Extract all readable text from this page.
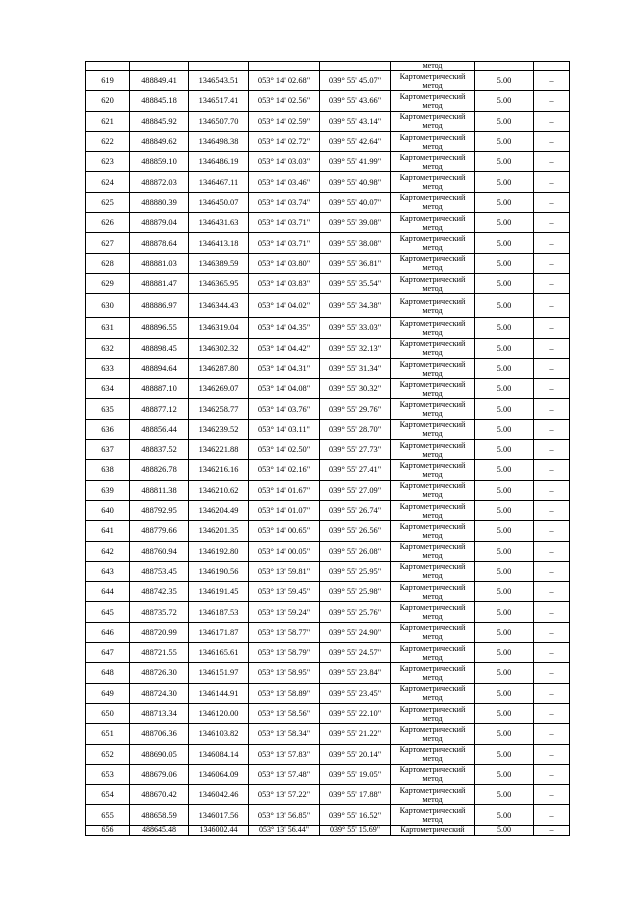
					метод		
619	488849.41	1346543.51	053° 14' 02.68"	039° 55' 45.07"	Картометрический метод	5.00	–
620	488845.18	1346517.41	053° 14' 02.56"	039° 55' 43.66"	Картометрический метод	5.00	–
621	488845.92	1346507.70	053° 14' 02.59"	039° 55' 43.14"	Картометрический метод	5.00	–
622	488849.62	1346498.38	053° 14' 02.72"	039° 55' 42.64"	Картометрический метод	5.00	–
623	488859.10	1346486.19	053° 14' 03.03"	039° 55' 41.99"	Картометрический метод	5.00	–
624	488872.03	1346467.11	053° 14' 03.46"	039° 55' 40.98"	Картометрический метод	5.00	–
625	488880.39	1346450.07	053° 14' 03.74"	039° 55' 40.07"	Картометрический метод	5.00	–
626	488879.04	1346431.63	053° 14' 03.71"	039° 55' 39.08"	Картометрический метод	5.00	–
627	488878.64	1346413.18	053° 14' 03.71"	039° 55' 38.08"	Картометрический метод	5.00	–
628	488881.03	1346389.59	053° 14' 03.80"	039° 55' 36.81"	Картометрический метод	5.00	–
629	488881.47	1346365.95	053° 14' 03.83"	039° 55' 35.54"	Картометрический метод	5.00	–
630	488886.97	1346344.43	053° 14' 04.02"	039° 55' 34.38"	Картометрический метод	5.00	–
631	488896.55	1346319.04	053° 14' 04.35"	039° 55' 33.03"	Картометрический метод	5.00	–
632	488898.45	1346302.32	053° 14' 04.42"	039° 55' 32.13"	Картометрический метод	5.00	–
633	488894.64	1346287.80	053° 14' 04.31"	039° 55' 31.34"	Картометрический метод	5.00	–
634	488887.10	1346269.07	053° 14' 04.08"	039° 55' 30.32"	Картометрический метод	5.00	–
635	488877.12	1346258.77	053° 14' 03.76"	039° 55' 29.76"	Картометрический метод	5.00	–
636	488856.44	1346239.52	053° 14' 03.11"	039° 55' 28.70"	Картометрический метод	5.00	–
637	488837.52	1346221.88	053° 14' 02.50"	039° 55' 27.73"	Картометрический метод	5.00	–
638	488826.78	1346216.16	053° 14' 02.16"	039° 55' 27.41"	Картометрический метод	5.00	–
639	488811.38	1346210.62	053° 14' 01.67"	039° 55' 27.09"	Картометрический метод	5.00	–
640	488792.95	1346204.49	053° 14' 01.07"	039° 55' 26.74"	Картометрический метод	5.00	–
641	488779.66	1346201.35	053° 14' 00.65"	039° 55' 26.56"	Картометрический метод	5.00	–
642	488760.94	1346192.80	053° 14' 00.05"	039° 55' 26.08"	Картометрический метод	5.00	–
643	488753.45	1346190.56	053° 13' 59.81"	039° 55' 25.95"	Картометрический метод	5.00	–
644	488742.35	1346191.45	053° 13' 59.45"	039° 55' 25.98"	Картометрический метод	5.00	–
645	488735.72	1346187.53	053° 13' 59.24"	039° 55' 25.76"	Картометрический метод	5.00	–
646	488720.99	1346171.87	053° 13' 58.77"	039° 55' 24.90"	Картометрический метод	5.00	–
647	488721.55	1346165.61	053° 13' 58.79"	039° 55' 24.57"	Картометрический метод	5.00	–
648	488726.30	1346151.97	053° 13' 58.95"	039° 55' 23.84"	Картометрический метод	5.00	–
649	488724.30	1346144.91	053° 13' 58.89"	039° 55' 23.45"	Картометрический метод	5.00	–
650	488713.34	1346120.00	053° 13' 58.56"	039° 55' 22.10"	Картометрический метод	5.00	–
651	488706.36	1346103.82	053° 13' 58.34"	039° 55' 21.22"	Картометрический метод	5.00	–
652	488690.05	1346084.14	053° 13' 57.83"	039° 55' 20.14"	Картометрический метод	5.00	–
653	488679.06	1346064.09	053° 13' 57.48"	039° 55' 19.05"	Картометрический метод	5.00	–
654	488670.42	1346042.46	053° 13' 57.22"	039° 55' 17.88"	Картометрический метод	5.00	–
655	488658.59	1346017.56	053° 13' 56.85"	039° 55' 16.52"	Картометрический метод	5.00	–
656	488645.48	1346002.44	053° 13' 56.44"	039° 55' 15.69"	Картометрический	5.00	–
